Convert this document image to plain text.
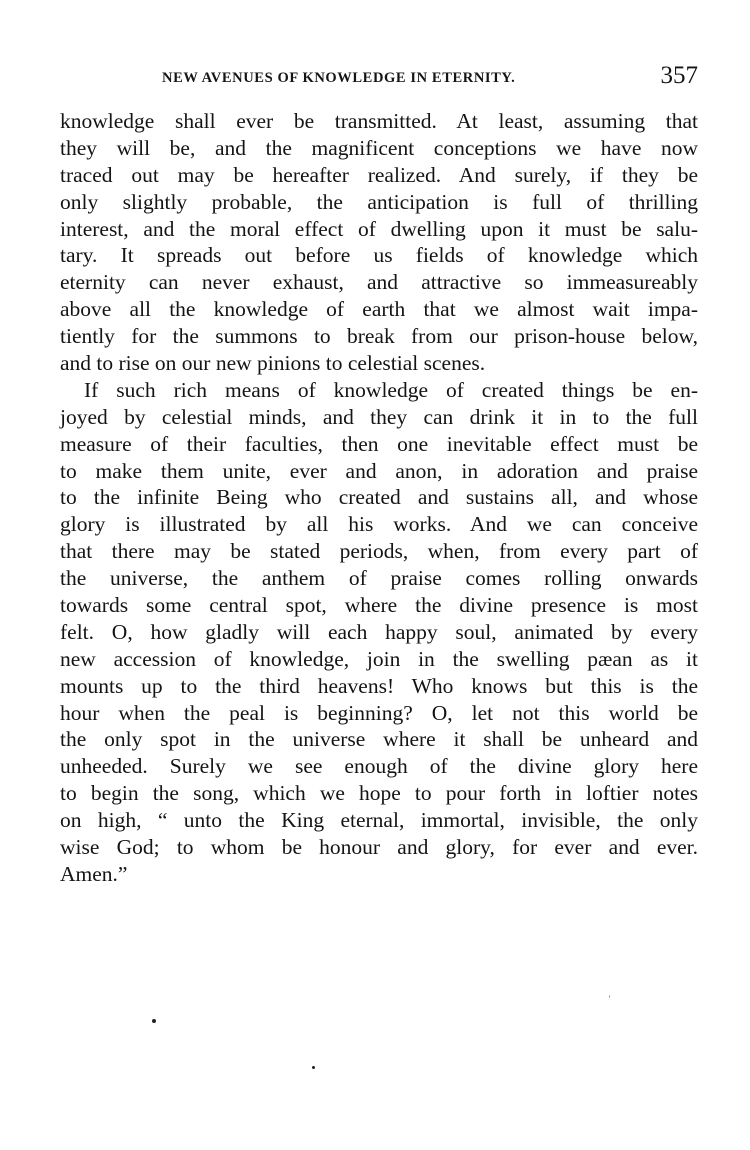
NEW AVENUES OF KNOWLEDGE IN ETERNITY.	357
knowledge shall ever be transmitted. At least, assuming that
they will be, and the magnificent conceptions we have now
traced out may be hereafter realized. And surely, if they be
only slightly probable, the anticipation is full of thrilling
interest, and the moral effect of dwelling upon it must be salu-
tary. It spreads out before us fields of knowledge which
eternity can never exhaust, and attractive so immeasureably
above all the knowledge of earth that we almost wait impa-
tiently for the summons to break from our prison-house below,
and to rise on our new pinions to celestial scenes.
If such rich means of knowledge of created things be en-
joyed by celestial minds, and they can drink it in to the full
measure of their faculties, then one inevitable effect must be
to make them unite, ever and anon, in adoration and praise
to the infinite Being who created and sustains all, and whose
glory is illustrated by all his works. And we can conceive
that there may be stated periods, when, from every part of
the universe, the anthem of praise comes rolling onwards
towards some central spot, where the divine presence is most
felt. O, how gladly will each happy soul, animated by every
new accession of knowledge, join in the swelling pæan as it
mounts up to the third heavens! Who knows but this is the
hour when the peal is beginning? O, let not this world be
the only spot in the universe where it shall be unheard and
unheeded. Surely we see enough of the divine glory here
to begin the song, which we hope to pour forth in loftier notes
on high, “ unto the King eternal, immortal, invisible, the only
wise God; to whom be honour and glory, for ever and ever.
Amen.”
